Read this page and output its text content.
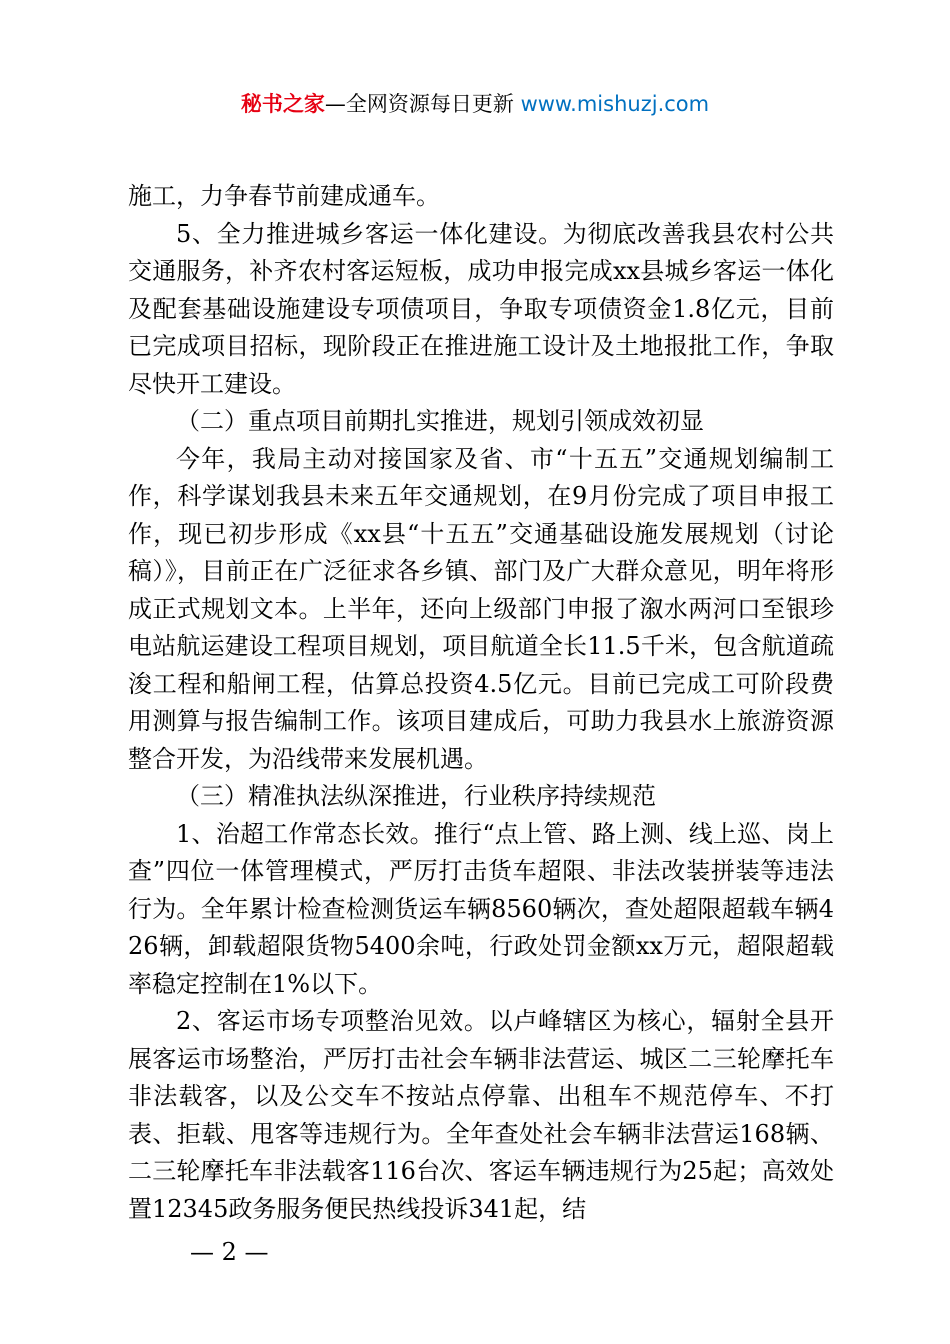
秘书之家—全网资源每日更新 www.mishuzj.com

施工，力争春节前建成通车。

5、全力推进城乡客运一体化建设。为彻底改善我县农村公共交通服务，补齐农村客运短板，成功申报完成xx县城乡客运一体化及配套基础设施建设专项债项目，争取专项债资金1.8亿元，目前已完成项目招标，现阶段正在推进施工设计及土地报批工作，争取尽快开工建设。

（二）重点项目前期扎实推进，规划引领成效初显

今年，我局主动对接国家及省、市“十五五”交通规划编制工作，科学谋划我县未来五年交通规划，在9月份完成了项目申报工作，现已初步形成《xx县“十五五”交通基础设施发展规划（讨论稿）》，目前正在广泛征求各乡镇、部门及广大群众意见，明年将形成正式规划文本。上半年，还向上级部门申报了溆水两河口至银珍电站航运建设工程项目规划，项目航道全长11.5千米，包含航道疏浚工程和船闸工程，估算总投资4.5亿元。目前已完成工可阶段费用测算与报告编制工作。该项目建成后，可助力我县水上旅游资源整合开发，为沿线带来发展机遇。

（三）精准执法纵深推进，行业秩序持续规范

1、治超工作常态长效。推行“点上管、路上测、线上巡、岗上查”四位一体管理模式，严厉打击货车超限、非法改装拼装等违法行为。全年累计检查检测货运车辆8560辆次，查处超限超载车辆426辆，卸载超限货物5400余吨，行政处罚金额xx万元，超限超载率稳定控制在1%以下。

2、客运市场专项整治见效。以卢峰辖区为核心，辐射全县开展客运市场整治，严厉打击社会车辆非法营运、城区二三轮摩托车非法载客，以及公交车不按站点停靠、出租车不规范停车、不打表、拒载、甩客等违规行为。全年查处社会车辆非法营运168辆、二三轮摩托车非法载客116台次、客运车辆违规行为25起；高效处置12345政务服务便民热线投诉341起，结

— 2 —
